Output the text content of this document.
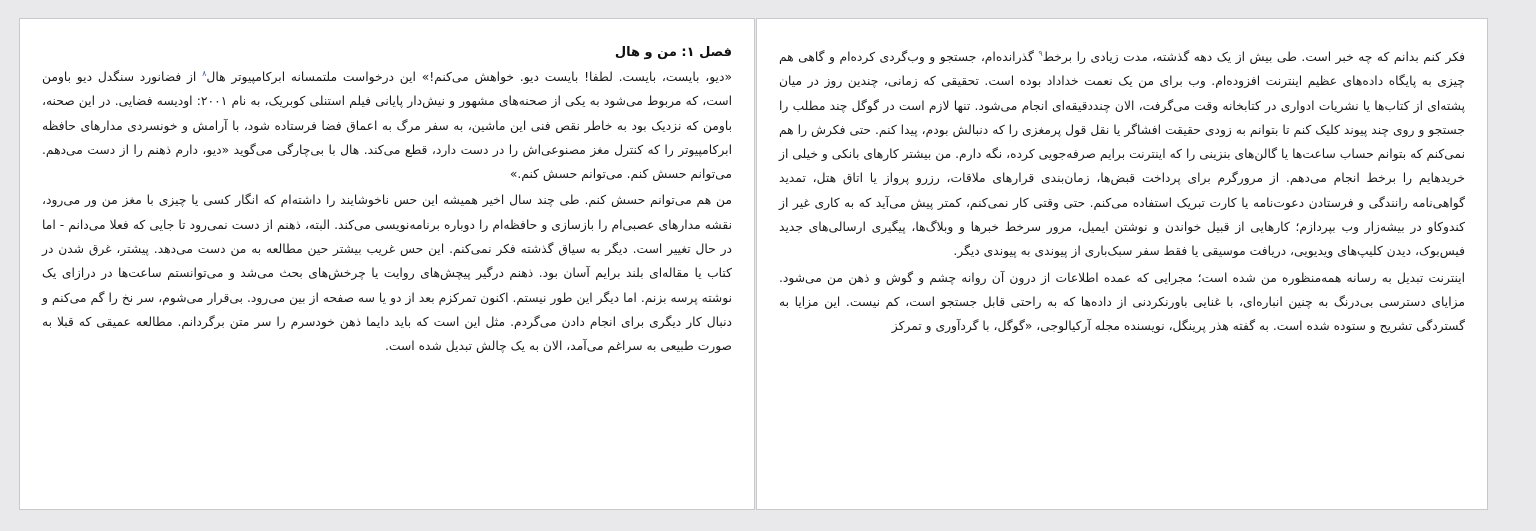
فصل ۱: من و هال

«دیو، بایست، بایست. لطفا! بایست دیو. خواهش می‌کنم!» این درخواست ملتمسانه ابرکامپیوتر هال$^۸$ از فضانورد سنگدل دیو باومن است، که مربوط می‌شود به یکی از صحنه‌های مشهور و نیش‌دار پایانی فیلم استنلی کوبریک، به نام ۲۰۰۱: اودیسه فضایی. در این صحنه، باومن که نزدیک بود به خاطر نقص فنی این ماشین، به سفر مرگ به اعماق فضا فرستاده شود، با آرامش و خونسردی مدارهای حافظه ابرکامپیوتر را که کنترل مغز مصنوعی‌اش را در دست دارد، قطع می‌کند. هال با بی‌چارگی می‌گوید «دیو، دارم ذهنم را از دست می‌دهم. می‌توانم حسش کنم. می‌توانم حسش کنم.»

من هم می‌توانم حسش کنم. طی چند سال اخیر همیشه این حس ناخوشایند را داشته‌ام که انگار کسی یا چیزی با مغز من ور می‌رود، نقشه مدارهای عصبی‌ام را بازسازی و حافظه‌ام را دوباره برنامه‌نویسی می‌کند. البته، ذهنم از دست نمی‌رود تا جایی که فعلا می‌دانم - اما در حال تغییر است. دیگر به سیاق گذشته فکر نمی‌کنم. این حس غریب بیشتر حین مطالعه به من دست می‌دهد. پیشتر، غرق شدن در کتاب یا مقاله‌ای بلند برایم آسان بود. ذهنم درگیر پیچش‌های روایت یا چرخش‌های بحث می‌شد و می‌توانستم ساعت‌ها در درازای یک نوشته پرسه بزنم. اما دیگر این طور نیستم. اکنون تمرکزم بعد از دو یا سه صفحه از بین می‌رود. بی‌قرار می‌شوم، سر نخ را گم می‌کنم و دنبال کار دیگری برای انجام دادن می‌گردم. مثل این است که باید دایما ذهن خودسرم را سر متن برگردانم. مطالعه عمیقی که قبلا به صورت طبیعی به سراغم می‌آمد، الان به یک چالش تبدیل شده است.

فکر کنم بدانم که چه خبر است. طی بیش از یک دهه گذشته، مدت زیادی را برخط$^۹$ گذرانده‌ام، جستجو و وب‌گردی کرده‌ام و گاهی هم چیزی به پایگاه داده‌های عظیم اینترنت افزوده‌ام. وب برای من یک نعمت خداداد بوده است. تحقیقی که زمانی، چندین روز در میان پشته‌ای از کتاب‌ها یا نشریات ادواری در کتابخانه وقت می‌گرفت، الان چنددقیقه‌ای انجام می‌شود. تنها لازم است در گوگل چند مطلب را جستجو و روی چند پیوند کلیک کنم تا بتوانم به زودی حقیقت افشاگر یا نقل قول پرمغزی را که دنبالش بودم، پیدا کنم. حتی فکرش را هم نمی‌کنم که بتوانم حساب ساعت‌ها یا گالن‌های بنزینی را که اینترنت برایم صرفه‌جویی کرده، نگه دارم. من بیشتر کارهای بانکی و خیلی از خریدهایم را برخط انجام می‌دهم. از مرورگرم برای پرداخت قبض‌ها، زمان‌بندی قرارهای ملاقات، رزرو پرواز یا اتاق هتل، تمدید گواهی‌نامه رانندگی و فرستادن دعوت‌نامه یا کارت تبریک استفاده می‌کنم. حتی وقتی کار نمی‌کنم، کمتر پیش می‌آید که به کاری غیر از کندوکاو در بیشه‌زار وب بپردازم؛ کارهایی از قبیل خواندن و نوشتن ایمیل، مرور سرخط خبرها و وبلاگ‌ها، پیگیری ارسالی‌های جدید فیس‌بوک، دیدن کلیپ‌های ویدیویی، دریافت موسیقی یا فقط سفر سبک‌باری از پیوندی به پیوندی دیگر.

اینترنت تبدیل به رسانه همه‌منظوره من شده است؛ مجرایی که عمده اطلاعات از درون آن روانه چشم و گوش و ذهن من می‌شود. مزایای دسترسی بی‌درنگ به چنین انباره‌ای، با غنایی باورنکردنی از داده‌ها که به راحتی قابل جستجو است، کم نیست. این مزایا به گستردگی تشریح و ستوده شده است. به گفته هذر پرینگل، نویسنده مجله آرکیالوجی، «گوگل، با گردآوری و تمرکز
